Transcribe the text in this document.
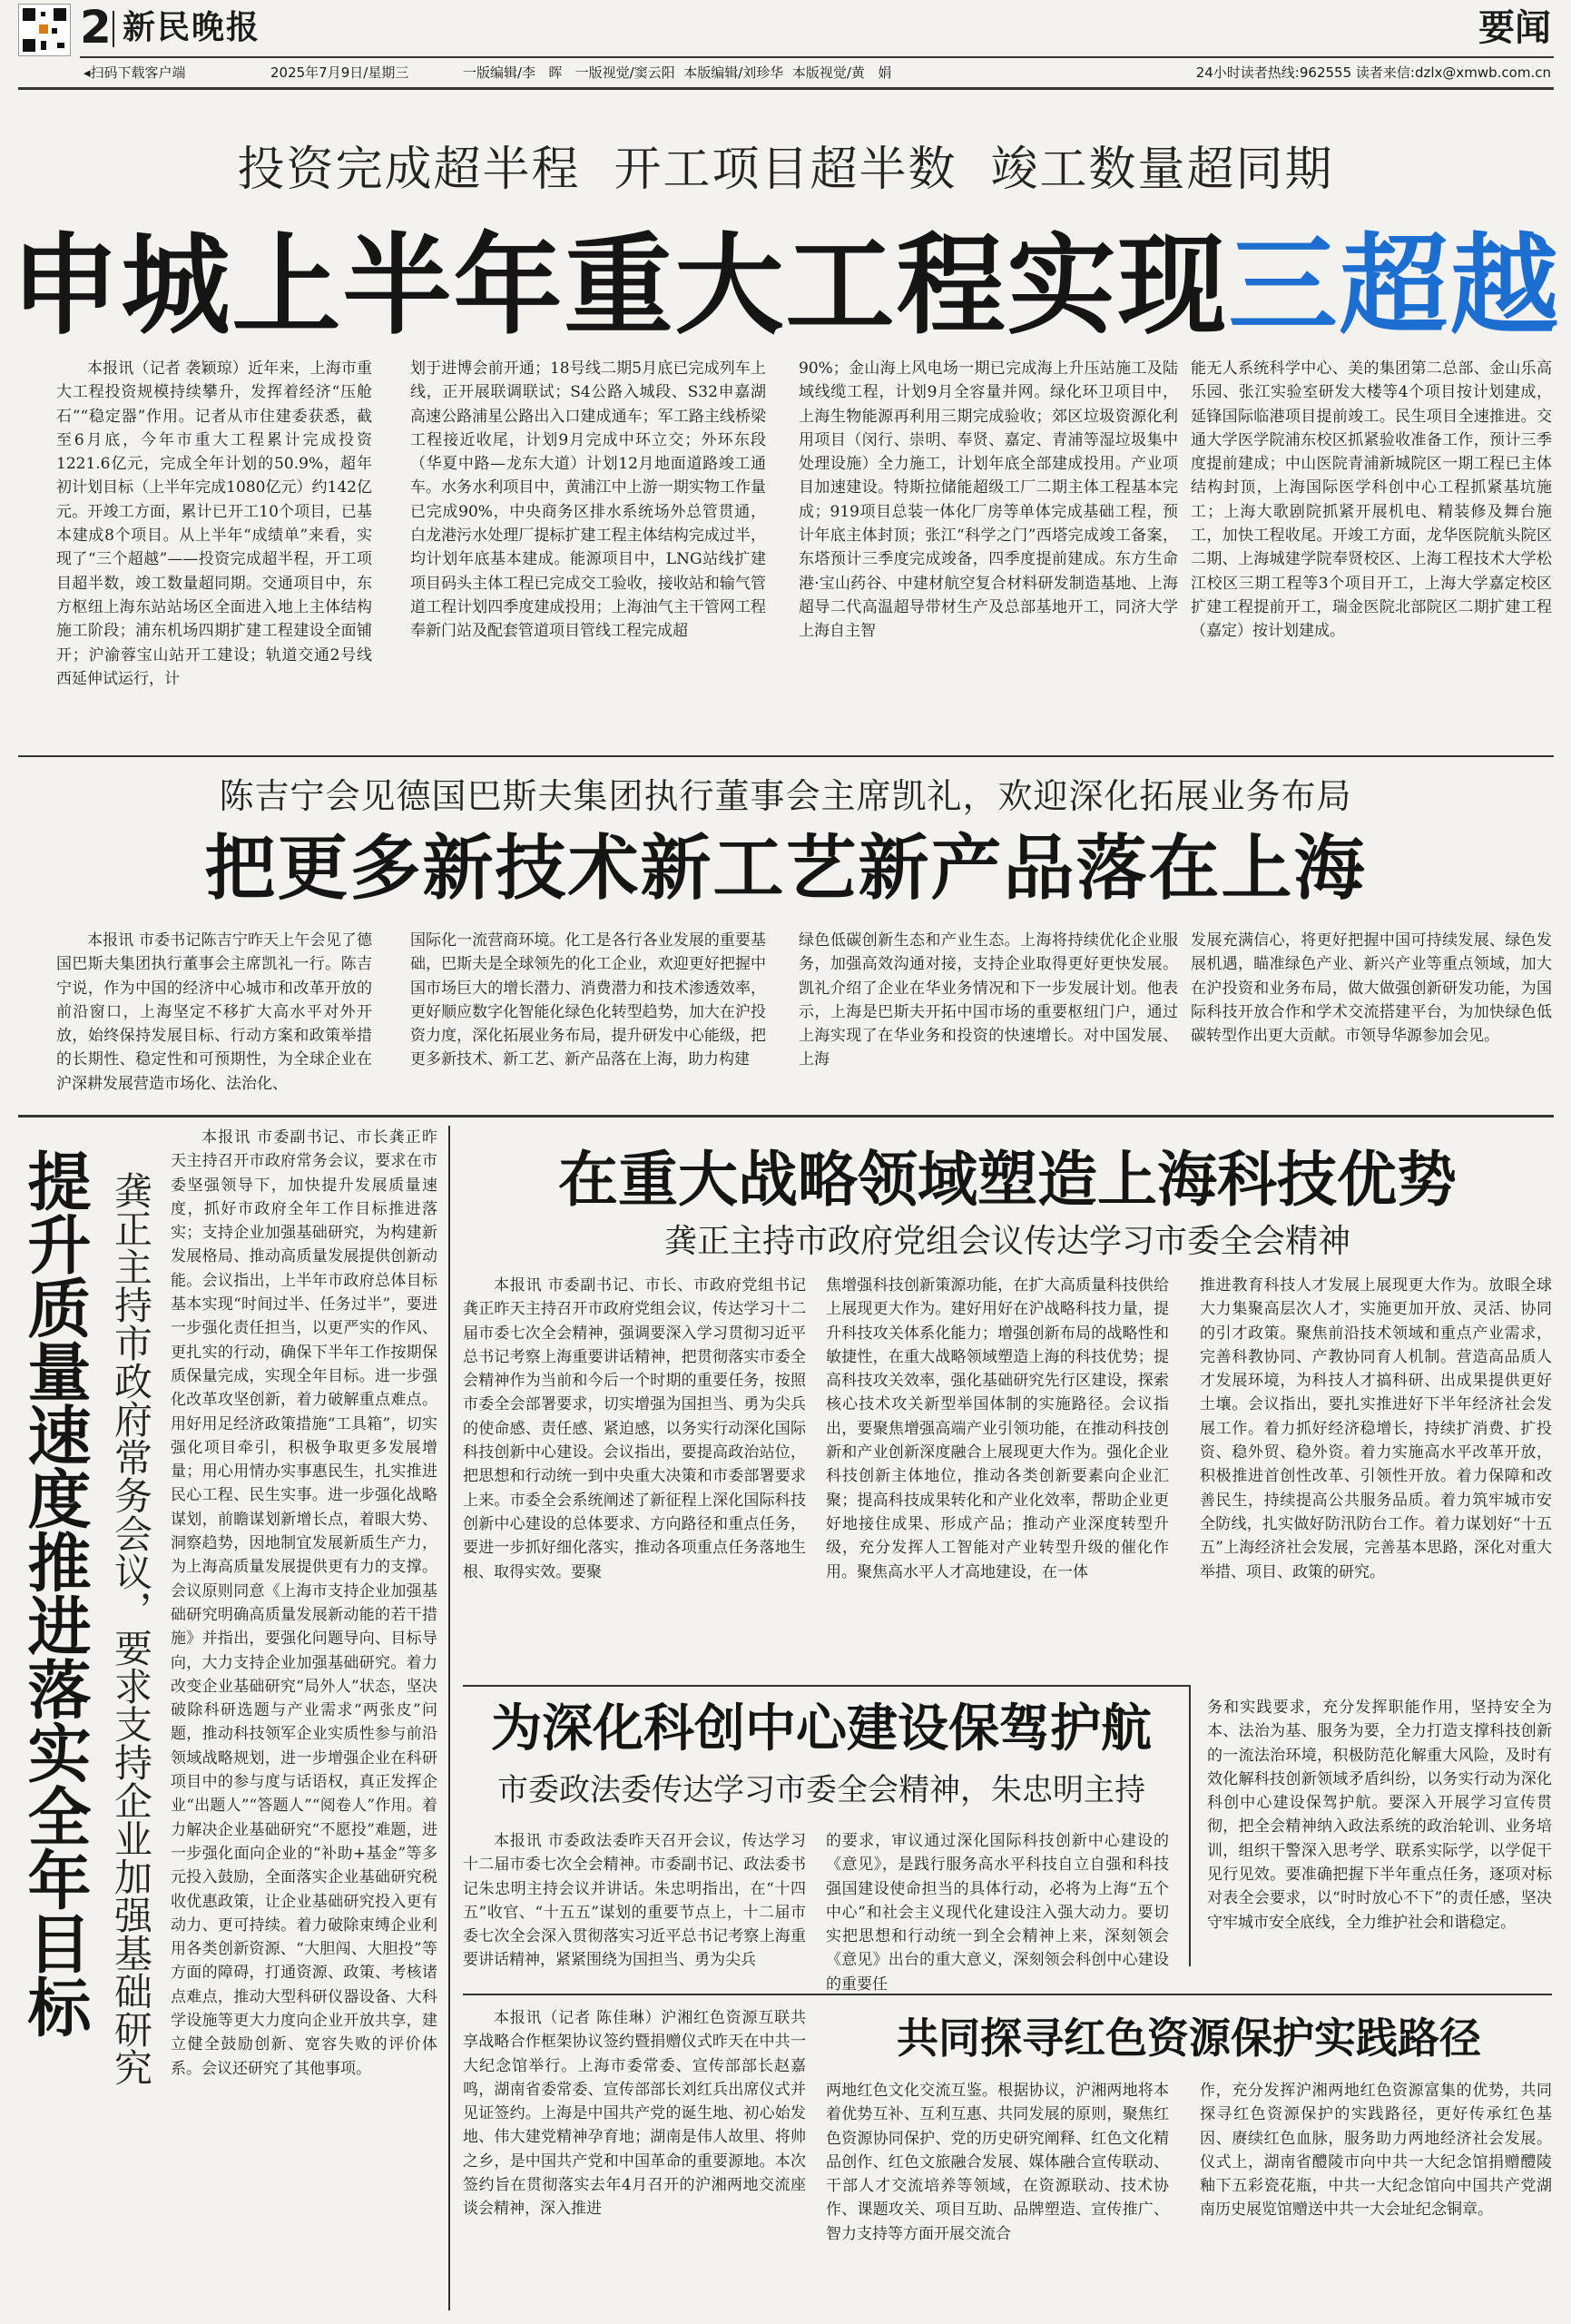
2 新民晚报	要闻
◂扫码下载客户端	2025年7月9日/星期三	一版编辑/李   晖   一版视觉/窦云阳  本版编辑/刘珍华  本版视觉/黄   娟	24小时读者热线:962555 读者来信:dzlx@xmwb.com.cn
投资完成超半程  开工项目超半数  竣工数量超同期
申城上半年重大工程实现三超越

本报讯（记者 袭颖琼）近年来，上海市重大工程投资规模持续攀升，发挥着经济“压舱石”“稳定器”作用。记者从市住建委获悉，截至6月底，今年市重大工程累计完成投资1221.6亿元，完成全年计划的50.9%，超年初计划目标（上半年完成1080亿元）约142亿元。开竣工方面，累计已开工10个项目，已基本建成8个项目。从上半年“成绩单”来看，实现了“三个超越”——投资完成超半程，开工项目超半数，竣工数量超同期。交通项目中，东方枢纽上海东站站场区全面进入地上主体结构施工阶段；浦东机场四期扩建工程建设全面铺开；沪渝蓉宝山站开工建设；轨道交通2号线西延伸试运行，计

划于进博会前开通；18号线二期5月底已完成列车上线，正开展联调联试；S4公路入城段、S32申嘉湖高速公路浦星公路出入口建成通车；军工路主线桥梁工程接近收尾，计划9月完成中环立交；外环东段（华夏中路—龙东大道）计划12月地面道路竣工通车。水务水利项目中，黄浦江中上游一期实物工作量已完成90%，中央商务区排水系统场外总管贯通，白龙港污水处理厂提标扩建工程主体结构完成过半，均计划年底基本建成。能源项目中，LNG站线扩建项目码头主体工程已完成交工验收，接收站和输气管道工程计划四季度建成投用；上海油气主干管网工程奉新门站及配套管道项目管线工程完成超

90%；金山海上风电场一期已完成海上升压站施工及陆域线缆工程，计划9月全容量并网。绿化环卫项目中，上海生物能源再利用三期完成验收；郊区垃圾资源化利用项目（闵行、崇明、奉贤、嘉定、青浦等湿垃圾集中处理设施）全力施工，计划年底全部建成投用。产业项目加速建设。特斯拉储能超级工厂二期主体工程基本完成；919项目总装一体化厂房等单体完成基础工程，预计年底主体封顶；张江“科学之门”西塔完成竣工备案，东塔预计三季度完成竣备，四季度提前建成。东方生命港·宝山药谷、中建材航空复合材料研发制造基地、上海超导二代高温超导带材生产及总部基地开工，同济大学上海自主智

能无人系统科学中心、美的集团第二总部、金山乐高乐园、张江实验室研发大楼等4个项目按计划建成，延锋国际临港项目提前竣工。民生项目全速推进。交通大学医学院浦东校区抓紧验收准备工作，预计三季度提前建成；中山医院青浦新城院区一期工程已主体结构封顶，上海国际医学科创中心工程抓紧基坑施工；上海大歌剧院抓紧开展机电、精装修及舞台施工，加快工程收尾。开竣工方面，龙华医院航头院区二期、上海城建学院奉贤校区、上海工程技术大学松江校区三期工程等3个项目开工，上海大学嘉定校区扩建工程提前开工，瑞金医院北部院区二期扩建工程（嘉定）按计划建成。

陈吉宁会见德国巴斯夫集团执行董事会主席凯礼，欢迎深化拓展业务布局
把更多新技术新工艺新产品落在上海

本报讯 市委书记陈吉宁昨天上午会见了德国巴斯夫集团执行董事会主席凯礼一行。陈吉宁说，作为中国的经济中心城市和改革开放的前沿窗口，上海坚定不移扩大高水平对外开放，始终保持发展目标、行动方案和政策举措的长期性、稳定性和可预期性，为全球企业在沪深耕发展营造市场化、法治化、

国际化一流营商环境。化工是各行各业发展的重要基础，巴斯夫是全球领先的化工企业，欢迎更好把握中国市场巨大的增长潜力、消费潜力和技术渗透效率，更好顺应数字化智能化绿色化转型趋势，加大在沪投资力度，深化拓展业务布局，提升研发中心能级，把更多新技术、新工艺、新产品落在上海，助力构建

绿色低碳创新生态和产业生态。上海将持续优化企业服务，加强高效沟通对接，支持企业取得更好更快发展。凯礼介绍了企业在华业务情况和下一步发展计划。他表示，上海是巴斯夫开拓中国市场的重要枢纽门户，通过上海实现了在华业务和投资的快速增长。对中国发展、上海

发展充满信心，将更好把握中国可持续发展、绿色发展机遇，瞄准绿色产业、新兴产业等重点领域，加大在沪投资和业务布局，做大做强创新研发功能，为国际科技开放合作和学术交流搭建平台，为加快绿色低碳转型作出更大贡献。市领导华源参加会见。

提升质量速度推进落实全年目标 龚正主持市政府常务会议，要求支持企业加强基础研究
本报讯 市委副书记、市长龚正昨天主持召开市政府常务会议，要求在市委坚强领导下，加快提升发展质量速度，抓好市政府全年工作目标推进落实；支持企业加强基础研究，为构建新发展格局、推动高质量发展提供创新动能。会议指出，上半年市政府总体目标基本实现“时间过半、任务过半”，要进一步强化责任担当，以更严实的作风、更扎实的行动，确保下半年工作按期保质保量完成，实现全年目标。进一步强化改革攻坚创新，着力破解重点难点。用好用足经济政策措施“工具箱”，切实强化项目牵引，积极争取更多发展增量；用心用情办实事惠民生，扎实推进民心工程、民生实事。进一步强化战略谋划，前瞻谋划新增长点，着眼大势、洞察趋势，因地制宜发展新质生产力，为上海高质量发展提供更有力的支撑。会议原则同意《上海市支持企业加强基础研究明确高质量发展新动能的若干措施》并指出，要强化问题导向、目标导向，大力支持企业加强基础研究。着力改变企业基础研究“局外人”状态，坚决破除科研选题与产业需求“两张皮”问题，推动科技领军企业实质性参与前沿领域战略规划，进一步增强企业在科研项目中的参与度与话语权，真正发挥企业“出题人”“答题人”“阅卷人”作用。着力解决企业基础研究“不愿投”难题，进一步强化面向企业的“补助+基金”等多元投入鼓励，全面落实企业基础研究税收优惠政策，让企业基础研究投入更有动力、更可持续。着力破除束缚企业利用各类创新资源、“大胆闯、大胆投”等方面的障碍，打通资源、政策、考核诸点难点，推动大型科研仪器设备、大科学设施等更大力度向企业开放共享，建立健全鼓励创新、宽容失败的评价体系。会议还研究了其他事项。
在重大战略领域塑造上海科技优势
龚正主持市政府党组会议传达学习市委全会精神

本报讯 市委副书记、市长、市政府党组书记龚正昨天主持召开市政府党组会议，传达学习十二届市委七次全会精神，强调要深入学习贯彻习近平总书记考察上海重要讲话精神，把贯彻落实市委全会精神作为当前和今后一个时期的重要任务，按照市委全会部署要求，切实增强为国担当、勇为尖兵的使命感、责任感、紧迫感，以务实行动深化国际科技创新中心建设。会议指出，要提高政治站位，把思想和行动统一到中央重大决策和市委部署要求上来。市委全会系统阐述了新征程上深化国际科技创新中心建设的总体要求、方向路径和重点任务，要进一步抓好细化落实，推动各项重点任务落地生根、取得实效。要聚

焦增强科技创新策源功能，在扩大高质量科技供给上展现更大作为。建好用好在沪战略科技力量，提升科技攻关体系化能力；增强创新布局的战略性和敏捷性，在重大战略领域塑造上海的科技优势；提高科技攻关效率，强化基础研究先行区建设，探索核心技术攻关新型举国体制的实施路径。会议指出，要聚焦增强高端产业引领功能，在推动科技创新和产业创新深度融合上展现更大作为。强化企业科技创新主体地位，推动各类创新要素向企业汇聚；提高科技成果转化和产业化效率，帮助企业更好地接住成果、形成产品；推动产业深度转型升级，充分发挥人工智能对产业转型升级的催化作用。聚焦高水平人才高地建设，在一体

推进教育科技人才发展上展现更大作为。放眼全球大力集聚高层次人才，实施更加开放、灵活、协同的引才政策。聚焦前沿技术领域和重点产业需求，完善科教协同、产教协同育人机制。营造高品质人才发展环境，为科技人才搞科研、出成果提供更好土壤。会议指出，要扎实推进好下半年经济社会发展工作。着力抓好经济稳增长，持续扩消费、扩投资、稳外贸、稳外资。着力实施高水平改革开放，积极推进首创性改革、引领性开放。着力保障和改善民生，持续提高公共服务品质。着力筑牢城市安全防线，扎实做好防汛防台工作。着力谋划好“十五五”上海经济社会发展，完善基本思路，深化对重大举措、项目、政策的研究。

为深化科创中心建设保驾护航
市委政法委传达学习市委全会精神，朱忠明主持

本报讯 市委政法委昨天召开会议，传达学习十二届市委七次全会精神。市委副书记、政法委书记朱忠明主持会议并讲话。朱忠明指出，在“十四五”收官、“十五五”谋划的重要节点上，十二届市委七次全会深入贯彻落实习近平总书记考察上海重要讲话精神，紧紧围绕为国担当、勇为尖兵

的要求，审议通过深化国际科技创新中心建设的《意见》，是践行服务高水平科技自立自强和科技强国建设使命担当的具体行动，必将为上海“五个中心”和社会主义现代化建设注入强大动力。要切实把思想和行动统一到全会精神上来，深刻领会《意见》出台的重大意义，深刻领会科创中心建设的重要任

务和实践要求，充分发挥职能作用，坚持安全为本、法治为基、服务为要，全力打造支撑科技创新的一流法治环境，积极防范化解重大风险，及时有效化解科技创新领域矛盾纠纷，以务实行动为深化科创中心建设保驾护航。要深入开展学习宣传贯彻，把全会精神纳入政法系统的政治轮训、业务培训，组织干警深入思考学、联系实际学，以学促干见行见效。要准确把握下半年重点任务，逐项对标对表全会要求，以“时时放心不下”的责任感，坚决守牢城市安全底线，全力维护社会和谐稳定。

本报讯（记者 陈佳琳）沪湘红色资源互联共享战略合作框架协议签约暨捐赠仪式昨天在中共一大纪念馆举行。上海市委常委、宣传部部长赵嘉鸣，湖南省委常委、宣传部部长刘红兵出席仪式并见证签约。上海是中国共产党的诞生地、初心始发地、伟大建党精神孕育地；湖南是伟人故里、将帅之乡，是中国共产党和中国革命的重要源地。本次签约旨在贯彻落实去年4月召开的沪湘两地交流座谈会精神，深入推进

共同探寻红色资源保护实践路径

两地红色文化交流互鉴。根据协议，沪湘两地将本着优势互补、互利互惠、共同发展的原则，聚焦红色资源协同保护、党的历史研究阐释、红色文化精品创作、红色文旅融合发展、媒体融合宣传联动、干部人才交流培养等领域，在资源联动、技术协作、课题攻关、项目互助、品牌塑造、宣传推广、智力支持等方面开展交流合

作，充分发挥沪湘两地红色资源富集的优势，共同探寻红色资源保护的实践路径，更好传承红色基因、赓续红色血脉，服务助力两地经济社会发展。仪式上，湖南省醴陵市向中共一大纪念馆捐赠醴陵釉下五彩瓷花瓶，中共一大纪念馆向中国共产党湖南历史展览馆赠送中共一大会址纪念铜章。
